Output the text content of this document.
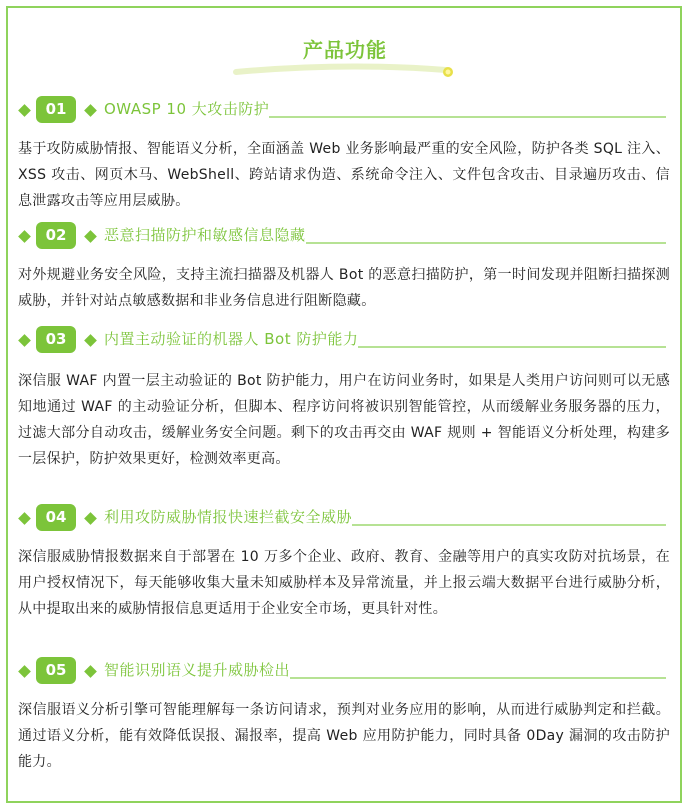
产品功能
01	OWASP 10 大攻击防护

基于攻防威胁情报、智能语义分析，全面涵盖 Web 业务影响最严重的安全风险，防护各类 SQL 注入、XSS 攻击、网页木马、WebShell、跨站请求伪造、系统命令注入、文件包含攻击、目录遍历攻击、信息泄露攻击等应用层威胁。

02	恶意扫描防护和敏感信息隐藏

对外规避业务安全风险，支持主流扫描器及机器人 Bot 的恶意扫描防护，第一时间发现并阻断扫描探测威胁，并针对站点敏感数据和非业务信息进行阻断隐藏。

03	内置主动验证的机器人 Bot 防护能力

深信服 WAF 内置一层主动验证的 Bot 防护能力，用户在访问业务时，如果是人类用户访问则可以无感知地通过 WAF 的主动验证分析，但脚本、程序访问将被识别智能管控，从而缓解业务服务器的压力，过滤大部分自动攻击，缓解业务安全问题。剩下的攻击再交由 WAF 规则 + 智能语义分析处理，构建多一层保护，防护效果更好，检测效率更高。

04	利用攻防威胁情报快速拦截安全威胁

深信服威胁情报数据来自于部署在 10 万多个企业、政府、教育、金融等用户的真实攻防对抗场景，在用户授权情况下，每天能够收集大量未知威胁样本及异常流量，并上报云端大数据平台进行威胁分析，从中提取出来的威胁情报信息更适用于企业安全市场，更具针对性。

05	智能识别语义提升威胁检出

深信服语义分析引擎可智能理解每一条访问请求，预判对业务应用的影响，从而进行威胁判定和拦截。通过语义分析，能有效降低误报、漏报率，提高 Web 应用防护能力，同时具备 0Day 漏洞的攻击防护能力。
